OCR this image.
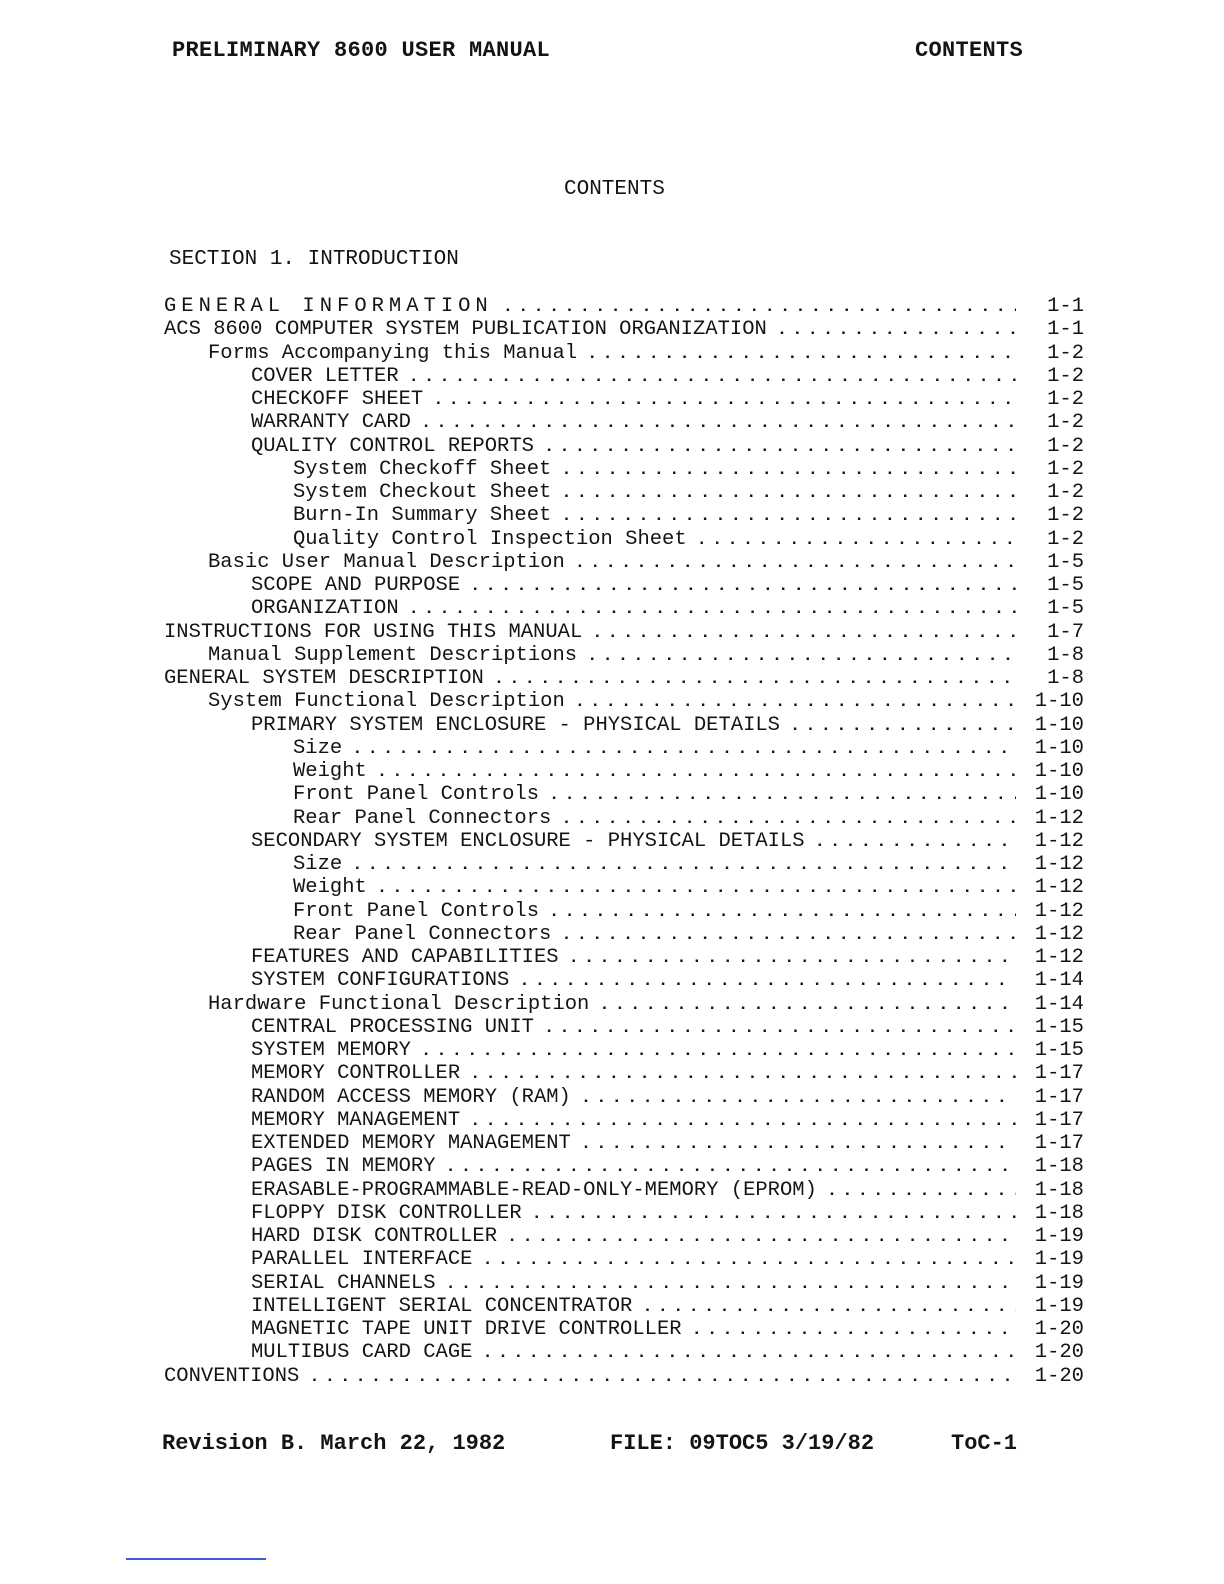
PRELIMINARY 8600 USER MANUAL	CONTENTS
CONTENTS
SECTION 1. INTRODUCTION
GENERAL INFORMATION .....	1-1
ACS 8600 COMPUTER SYSTEM PUBLICATION ORGANIZATION .....	1-1
Forms Accompanying this Manual .....	1-2
COVER LETTER .....	1-2
CHECKOFF SHEET .....	1-2
WARRANTY CARD .....	1-2
QUALITY CONTROL REPORTS .....	1-2
System Checkoff Sheet .....	1-2
System Checkout Sheet .....	1-2
Burn-In Summary Sheet .....	1-2
Quality Control Inspection Sheet .....	1-2
Basic User Manual Description .....	1-5
SCOPE AND PURPOSE .....	1-5
ORGANIZATION .....	1-5
INSTRUCTIONS FOR USING THIS MANUAL .....	1-7
Manual Supplement Descriptions .....	1-8
GENERAL SYSTEM DESCRIPTION .....	1-8
System Functional Description .....	1-10
PRIMARY SYSTEM ENCLOSURE - PHYSICAL DETAILS .....	1-10
Size .....	1-10
Weight .....	1-10
Front Panel Controls .....	1-10
Rear Panel Connectors .....	1-12
SECONDARY SYSTEM ENCLOSURE - PHYSICAL DETAILS .....	1-12
Size .....	1-12
Weight .....	1-12
Front Panel Controls .....	1-12
Rear Panel Connectors .....	1-12
FEATURES AND CAPABILITIES .....	1-12
SYSTEM CONFIGURATIONS .....	1-14
Hardware Functional Description .....	1-14
CENTRAL PROCESSING UNIT .....	1-15
SYSTEM MEMORY .....	1-15
MEMORY CONTROLLER .....	1-17
RANDOM ACCESS MEMORY (RAM) .....	1-17
MEMORY MANAGEMENT .....	1-17
EXTENDED MEMORY MANAGEMENT .....	1-17
PAGES IN MEMORY .....	1-18
ERASABLE-PROGRAMMABLE-READ-ONLY-MEMORY (EPROM) .....	1-18
FLOPPY DISK CONTROLLER .....	1-18
HARD DISK CONTROLLER .....	1-19
PARALLEL INTERFACE .....	1-19
SERIAL CHANNELS .....	1-19
INTELLIGENT SERIAL CONCENTRATOR .....	1-19
MAGNETIC TAPE UNIT DRIVE CONTROLLER .....	1-20
MULTIBUS CARD CAGE .....	1-20
CONVENTIONS .....	1-20
Revision B. March 22, 1982	FILE: 09TOC5 3/19/82	ToC-1
